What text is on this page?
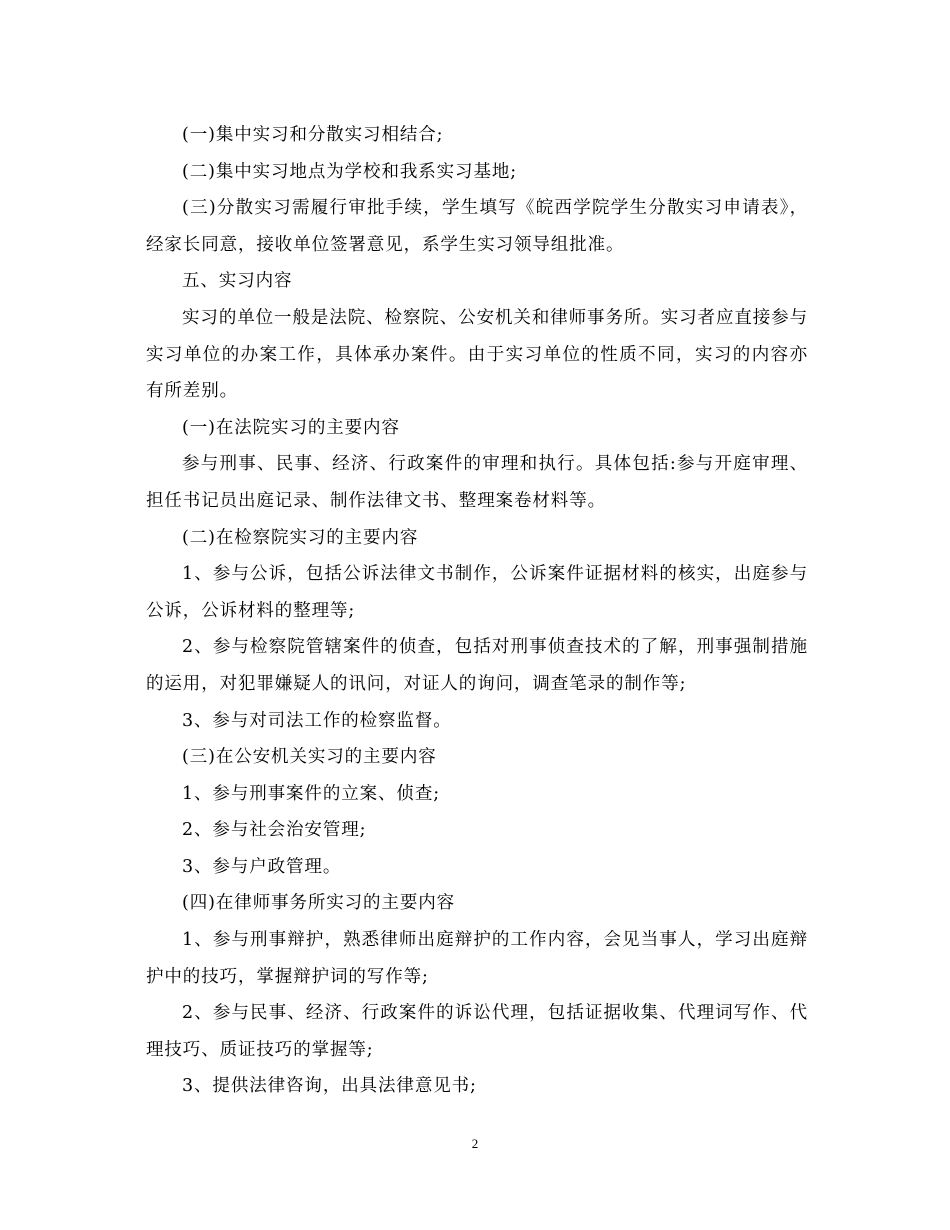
(一)集中实习和分散实习相结合;

(二)集中实习地点为学校和我系实习基地;

(三)分散实习需履行审批手续，学生填写《皖西学院学生分散实习申请表》，经家长同意，接收单位签署意见，系学生实习领导组批准。

五、实习内容

实习的单位一般是法院、检察院、公安机关和律师事务所。实习者应直接参与实习单位的办案工作，具体承办案件。由于实习单位的性质不同，实习的内容亦有所差别。

(一)在法院实习的主要内容

参与刑事、民事、经济、行政案件的审理和执行。具体包括:参与开庭审理、担任书记员出庭记录、制作法律文书、整理案卷材料等。

(二)在检察院实习的主要内容

1、参与公诉，包括公诉法律文书制作，公诉案件证据材料的核实，出庭参与公诉，公诉材料的整理等;

2、参与检察院管辖案件的侦查，包括对刑事侦查技术的了解，刑事强制措施的运用，对犯罪嫌疑人的讯问，对证人的询问，调查笔录的制作等;

3、参与对司法工作的检察监督。

(三)在公安机关实习的主要内容

1、参与刑事案件的立案、侦查;

2、参与社会治安管理;

3、参与户政管理。

(四)在律师事务所实习的主要内容

1、参与刑事辩护，熟悉律师出庭辩护的工作内容，会见当事人，学习出庭辩护中的技巧，掌握辩护词的写作等;

2、参与民事、经济、行政案件的诉讼代理，包括证据收集、代理词写作、代理技巧、质证技巧的掌握等;

3、提供法律咨询，出具法律意见书;

2
